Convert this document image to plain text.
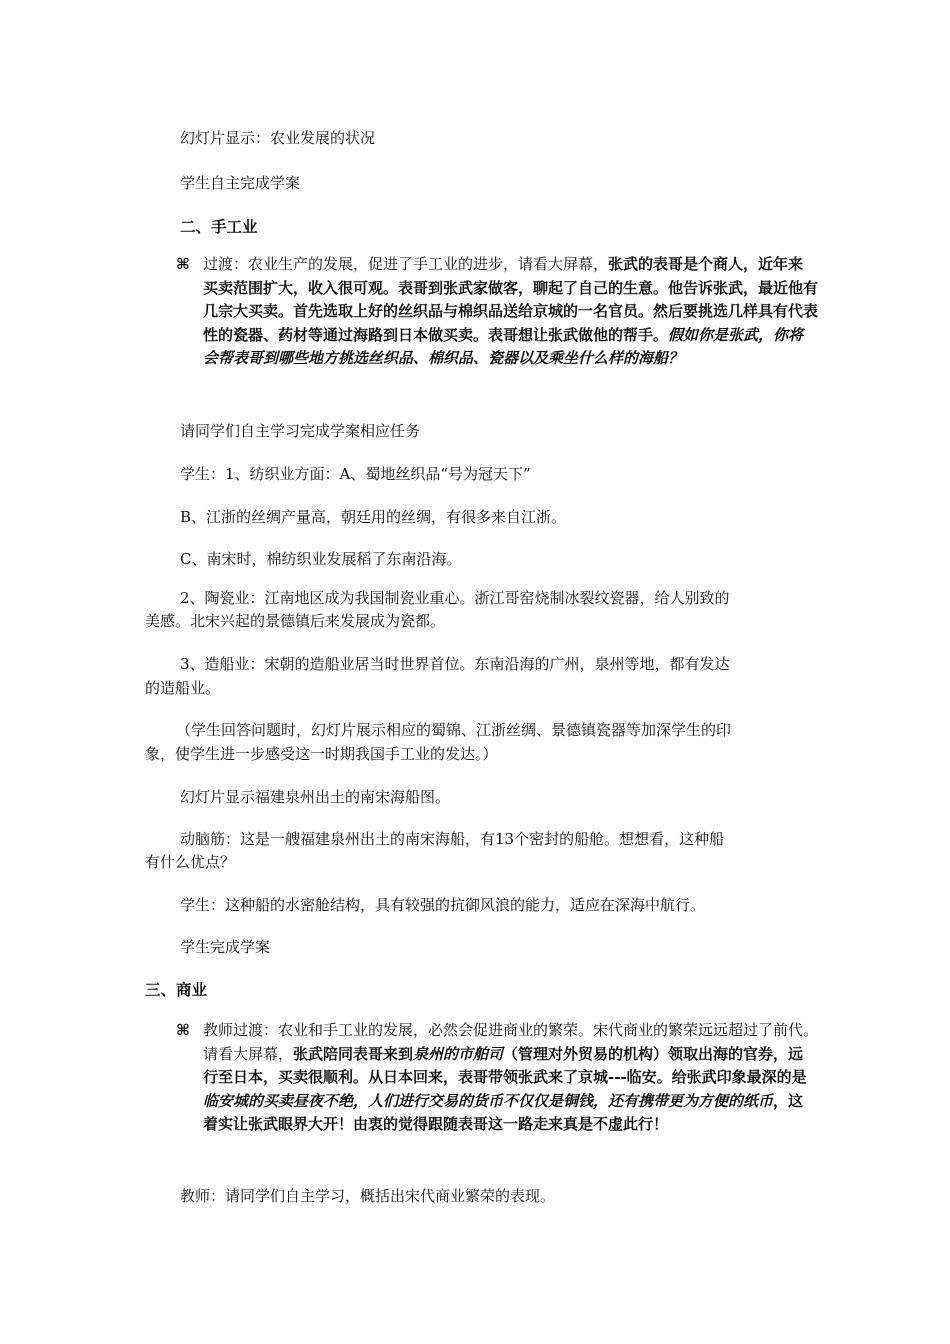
幻灯片显示：农业发展的状况
学生自主完成学案
二、手工业
⌘ 过渡：农业生产的发展，促进了手工业的进步，请看大屏幕，张武的表哥是个商人，近年来买卖范围扩大，收入很可观。表哥到张武家做客，聊起了自己的生意。他告诉张武，最近他有几宗大买卖。首先选取上好的丝织品与棉织品送给京城的一名官员。然后要挑选几样具有代表性的瓷器、药材等通过海路到日本做买卖。表哥想让张武做他的帮手。假如你是张武，你将会帮表哥到哪些地方挑选丝织品、棉织品、瓷器以及乘坐什么样的海船？
请同学们自主学习完成学案相应任务
学生：1、纺织业方面：A、蜀地丝织品“号为冠天下”
B、江浙的丝绸产量高，朝廷用的丝绸，有很多来自江浙。
C、南宋时，棉纺织业发展稻了东南沿海。
2、陶瓷业：江南地区成为我国制瓷业重心。浙江哥窑烧制冰裂纹瓷器，给人别致的
美感。北宋兴起的景德镇后来发展成为瓷都。
3、造船业：宋朝的造船业居当时世界首位。东南沿海的广州，泉州等地，都有发达
的造船业。
（学生回答问题时，幻灯片展示相应的蜀锦、江浙丝绸、景德镇瓷器等加深学生的印
象，使学生进一步感受这一时期我国手工业的发达。）
幻灯片显示福建泉州出土的南宋海船图。
动脑筋：这是一艘福建泉州出土的南宋海船，有13个密封的船舱。想想看，这种船
有什么优点？
学生：这种船的水密舱结构，具有较强的抗御风浪的能力，适应在深海中航行。
学生完成学案
三、商业
⌘ 教师过渡：农业和手工业的发展，必然会促进商业的繁荣。宋代商业的繁荣远远超过了前代。请看大屏幕，张武陪同表哥来到泉州的市舶司（管理对外贸易的机构）领取出海的官券，远行至日本，买卖很顺利。从日本回来，表哥带领张武来了京城---临安。给张武印象最深的是临安城的买卖昼夜不绝，人们进行交易的货币不仅仅是铜钱，还有携带更为方便的纸币，这着实让张武眼界大开！由衷的觉得跟随表哥这一路走来真是不虚此行！
教师：请同学们自主学习，概括出宋代商业繁荣的表现。
